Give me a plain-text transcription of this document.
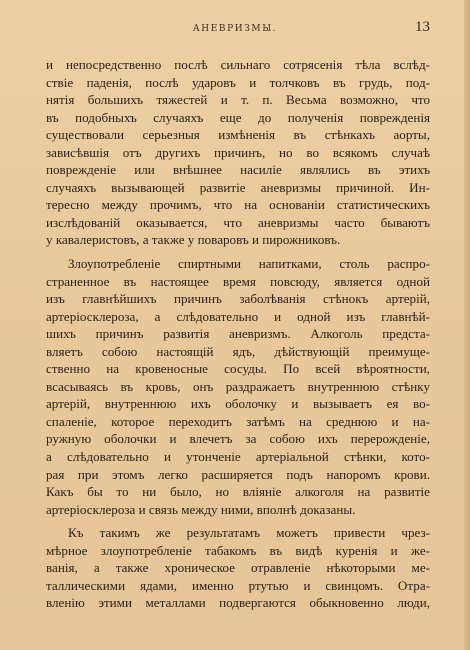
АНЕВРИЗМЫ.	13
и непосредственно послѣ сильнаго сотрясенія тѣла вслѣд-
ствіе паденія, послѣ ударовъ и толчковъ въ грудь, под-
нятія большихъ тяжестей и т. п. Весьма возможно, что
въ подобныхъ случаяхъ еще до полученія поврежденія
существовали серьезныя измѣненія въ стѣнкахъ аорты,
зависѣвшія отъ другихъ причинъ, но во всякомъ случаѣ
поврежденіе или внѣшнее насиліе являлись въ этихъ
случаяхъ вызывающей развитіе аневризмы причиной. Ин-
тересно между прочимъ, что на основаніи статистическихъ
изслѣдованій оказывается, что аневризмы часто бываютъ
у кавалеристовъ, а также у поваровъ и пирожниковъ.
Злоупотребленіе спиртными напитками, столь распро-
страненное въ настоящее время повсюду, является одной
изъ главнѣйшихъ причинъ заболѣванія стѣнокъ артерій,
артеріосклероза, а слѣдовательно и одной изъ главнѣй-
шихъ причинъ развитія аневризмъ. Алкоголь предста-
вляетъ собою настоящій ядъ, дѣйствующій преимуще-
ственно на кровеносные сосуды. По всей вѣроятности,
всасываясь въ кровь, онъ раздражаетъ внутреннюю стѣнку
артерій, внутреннюю ихъ оболочку и вызываетъ ея во-
спаленіе, которое переходитъ затѣмъ на среднюю и на-
ружную оболочки и влечетъ за собою ихъ перерожденіе,
а слѣдовательно и утонченіе артеріальной стѣнки, кото-
рая при этомъ легко расширяется подъ напоромъ крови.
Какъ бы то ни было, но вліяніе алкоголя на развитіе
артеріосклероза и связь между ними, вполнѣ доказаны.
Къ такимъ же результатамъ можетъ привести чрез-
мѣрное злоупотребленіе табакомъ въ видѣ куренія и же-
ванія, а также хроническое отравленіе нѣкоторыми ме-
таллическими ядами, именно ртутью и свинцомъ. Отра-
вленію этими металлами подвергаются обыкновенно люди,
